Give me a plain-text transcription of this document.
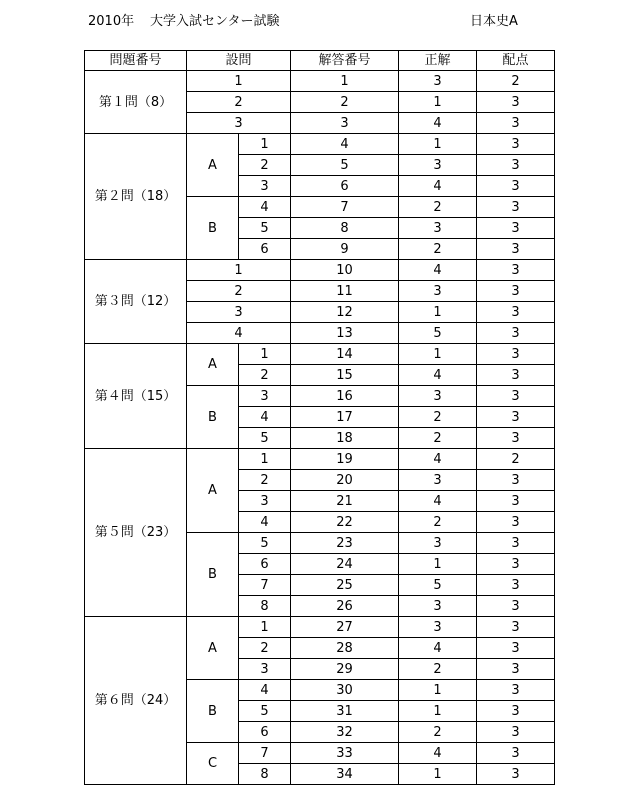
2010年 大学入試センター試験	日本史A
問題番号	設問		解答番号	正解	配点
第１問（8）	1		1	3	2
	2		2	1	3
	3		3	4	3
第２問（18）	A	1	4	1	3
		2	5	3	3
		3	6	4	3
	B	4	7	2	3
		5	8	3	3
		6	9	2	3
第３問（12）	1		10	4	3
	2		11	3	3
	3		12	1	3
	4		13	5	3
第４問（15）	A	1	14	1	3
		2	15	4	3
	B	3	16	3	3
		4	17	2	3
		5	18	2	3
第５問（23）	A	1	19	4	2
		2	20	3	3
		3	21	4	3
		4	22	2	3
	B	5	23	3	3
		6	24	1	3
		7	25	5	3
		8	26	3	3
第６問（24）	A	1	27	3	3
		2	28	4	3
		3	29	2	3
	B	4	30	1	3
		5	31	1	3
		6	32	2	3
	C	7	33	4	3
		8	34	1	3
